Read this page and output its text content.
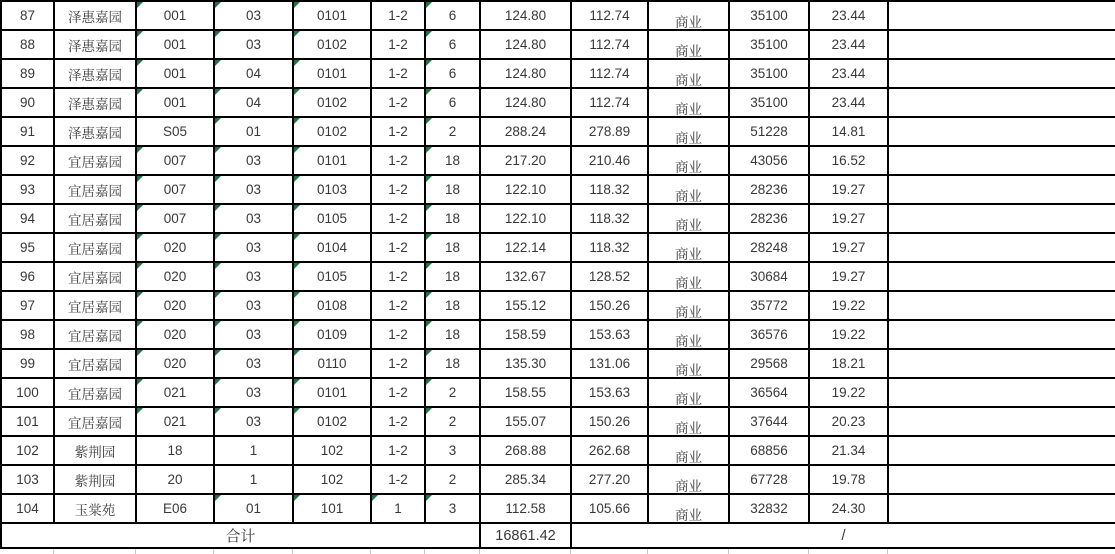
87	泽惠嘉园	001	03	0101	1-2	6	124.80	112.74	商业	35100	23.44	
88	泽惠嘉园	001	03	0102	1-2	6	124.80	112.74	商业	35100	23.44	
89	泽惠嘉园	001	04	0101	1-2	6	124.80	112.74	商业	35100	23.44	
90	泽惠嘉园	001	04	0102	1-2	6	124.80	112.74	商业	35100	23.44	
91	泽惠嘉园	S05	01	0102	1-2	2	288.24	278.89	商业	51228	14.81	
92	宜居嘉园	007	03	0101	1-2	18	217.20	210.46	商业	43056	16.52	
93	宜居嘉园	007	03	0103	1-2	18	122.10	118.32	商业	28236	19.27	
94	宜居嘉园	007	03	0105	1-2	18	122.10	118.32	商业	28236	19.27	
95	宜居嘉园	020	03	0104	1-2	18	122.14	118.32	商业	28248	19.27	
96	宜居嘉园	020	03	0105	1-2	18	132.67	128.52	商业	30684	19.27	
97	宜居嘉园	020	03	0108	1-2	18	155.12	150.26	商业	35772	19.22	
98	宜居嘉园	020	03	0109	1-2	18	158.59	153.63	商业	36576	19.22	
99	宜居嘉园	020	03	0110	1-2	18	135.30	131.06	商业	29568	18.21	
100	宜居嘉园	021	03	0101	1-2	2	158.55	153.63	商业	36564	19.22	
101	宜居嘉园	021	03	0102	1-2	2	155.07	150.26	商业	37644	20.23	
102	紫荆园	18	1	102	1-2	3	268.88	262.68	商业	68856	21.34	
103	紫荆园	20	1	102	1-2	2	285.34	277.20	商业	67728	19.78	
104	玉棠苑	E06	01	101	1	3	112.58	105.66	商业	32832	24.30	
合计							16861.42	/				
